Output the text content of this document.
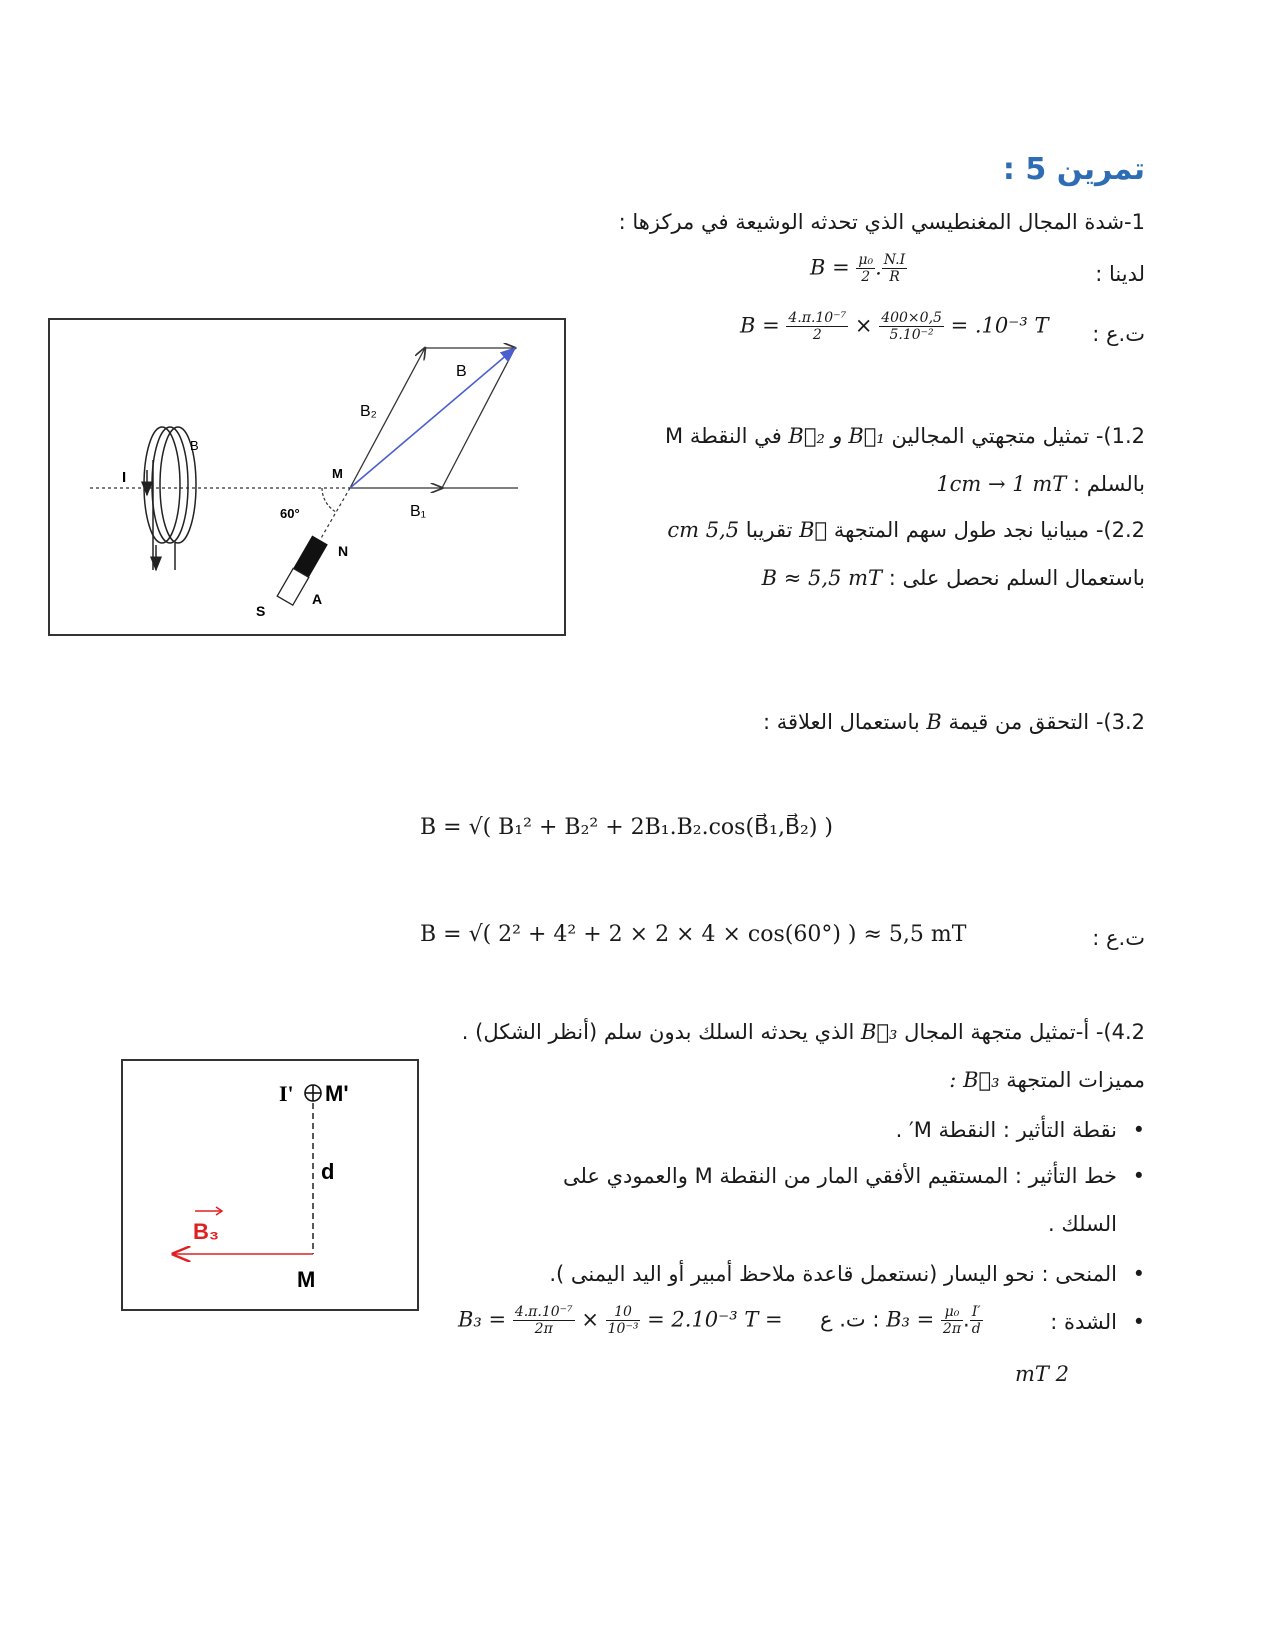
تمرين 5 :
1-شدة المجال المغنطيسي الذي تحدثه الوشيعة في مركزها :
لدينا :
$B = \frac{\text{μ₀}}{2}$ . $\frac{N.I}{R}$
ت.ع :
$B = \frac{\text{4.π.10⁻⁷}}{2} \times \frac{400\times 0,5}{\text{5.10⁻²}} = .10^{-3}$ T
I
B
60°
M
N
A
S
B₁
B₂
B
1.2)- تمثيل متجهتي المجالين B⃗₁ و B⃗₂ في النقطة M
بالسلم : 1cm → 1 mT
2.2)- مبيانيا نجد طول سهم المتجهة B⃗ تقريبا 5,5 cm
باستعمال السلم نحصل على : B ≈ 5,5 mT
3.2)- التحقق من قيمة B باستعمال العلاقة :
B = √( B₁² + B₂² + 2B₁.B₂.cos(B⃗₁,B⃗₂) )
ت.ع :
B = √( 2² + 4² + 2 × 2 × 4 × cos(60°) ) ≈ 5,5 mT
4.2)- أ-تمثيل متجهة المجال B⃗₃ الذي يحدثه السلك بدون سلم (أنظر الشكل) .
مميزات المتجهة B⃗₃ :
نقطة التأثير : النقطة M′ . •
خط التأثير : المستقيم الأفقي المار من النقطة M والعمودي على •
السلك .
المنحى : نحو اليسار (نستعمل قاعدة ملاحظ أمبير أو اليد اليمنى ). •
الشدة : •
$B_3 = \frac{\text{4.π.10⁻⁷}}{2\pi} \times \frac{10}{\text{10⁻³}} = 2.10^{-3}$ T = ت. ع : $B_3 = \frac{\text{μ₀}}{2\pi}$ . $\frac{I'}{d}$
2 mT
I' M'
d
B₃
M
